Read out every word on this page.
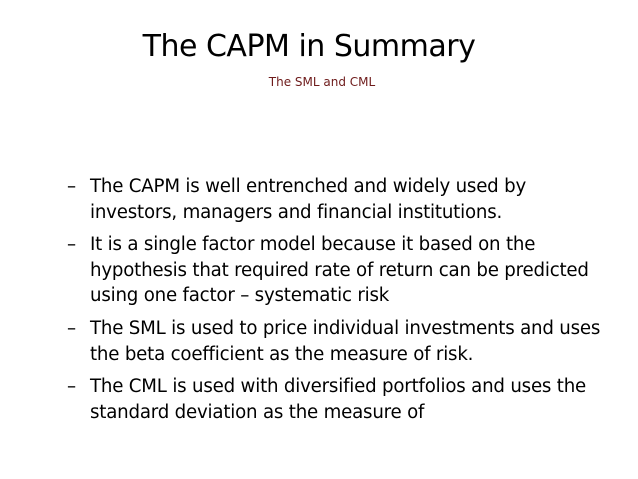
The CAPM in Summary
The SML and CML
– The CAPM is well entrenched and widely used by investors, managers and financial institutions.
– It is a single factor model because it based on the hypothesis that required rate of return can be predicted using one factor – systematic risk
– The SML is used to price individual investments and uses the beta coefficient as the measure of risk.
– The CML is used with diversified portfolios and uses the standard deviation as the measure of
